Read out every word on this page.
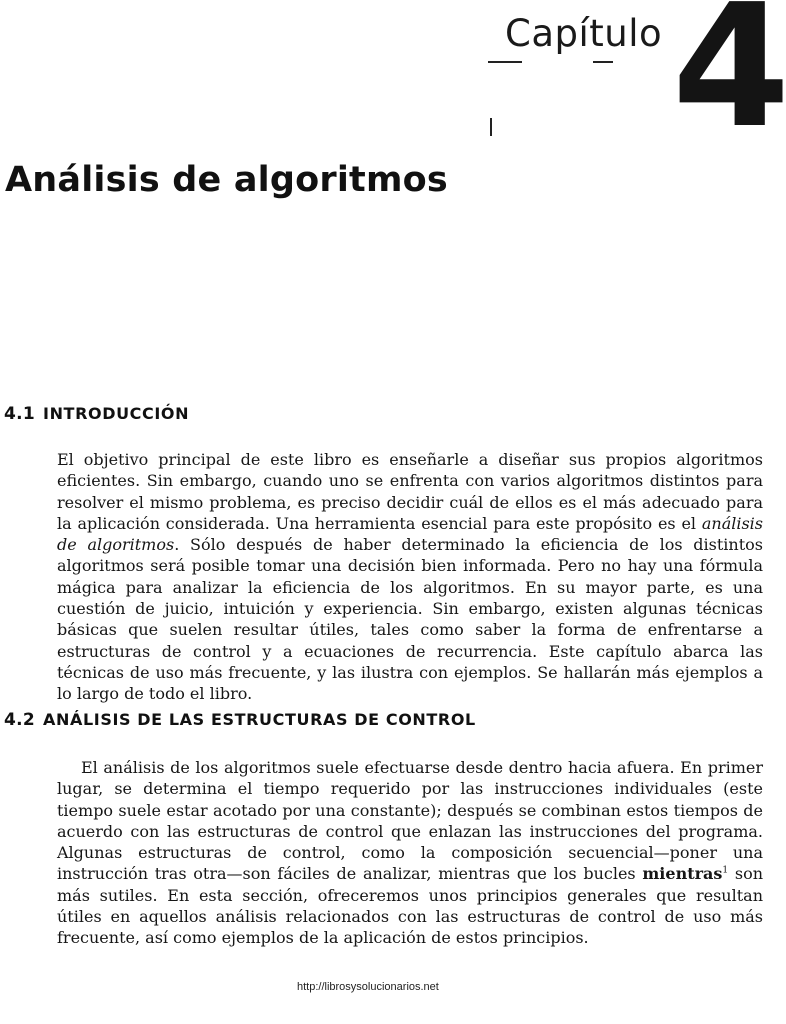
Capítulo 4
Análisis de algoritmos
4.1 INTRODUCCIÓN

El objetivo principal de este libro es enseñarle a diseñar sus propios algoritmos eficientes. Sin embargo, cuando uno se enfrenta con varios algoritmos distintos para resolver el mismo problema, es preciso decidir cuál de ellos es el más adecuado para la aplicación considerada. Una herramienta esencial para este propósito es el análisis de algoritmos. Sólo después de haber determinado la eficiencia de los distintos algoritmos será posible tomar una decisión bien informada. Pero no hay una fórmula mágica para analizar la eficiencia de los algoritmos. En su mayor parte, es una cuestión de juicio, intuición y experiencia. Sin embargo, existen algunas técnicas básicas que suelen resultar útiles, tales como saber la forma de enfrentarse a estructuras de control y a ecuaciones de recurrencia. Este capítulo abarca las técnicas de uso más frecuente, y las ilustra con ejemplos. Se hallarán más ejemplos a lo largo de todo el libro.

4.2 ANÁLISIS DE LAS ESTRUCTURAS DE CONTROL

El análisis de los algoritmos suele efectuarse desde dentro hacia afuera. En primer lugar, se determina el tiempo requerido por las instrucciones individuales (este tiempo suele estar acotado por una constante); después se combinan estos tiempos de acuerdo con las estructuras de control que enlazan las instrucciones del programa. Algunas estructuras de control, como la composición secuencial—poner una instrucción tras otra—son fáciles de analizar, mientras que los bucles mientras$^1$ son más sutiles. En esta sección, ofreceremos unos principios generales que resultan útiles en aquellos análisis relacionados con las estructuras de control de uso más frecuente, así como ejemplos de la aplicación de estos principios.

http://librosysolucionarios.net
